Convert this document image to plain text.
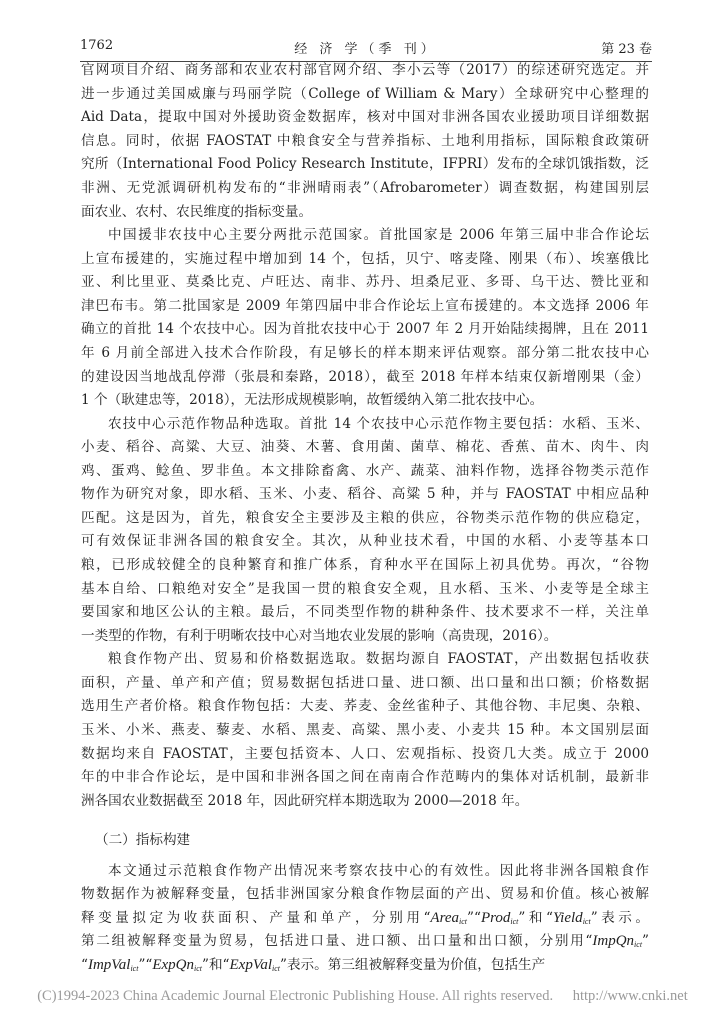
1762	经 济 学（季 刊）	第 23 卷
官网项目介绍、商务部和农业农村部官网介绍、李小云等（2017）的综述研究选定。并
进一步通过美国威廉与玛丽学院（College of William & Mary）全球研究中心整理的
Aid Data，提取中国对外援助资金数据库，核对中国对非洲各国农业援助项目详细数据
信息。同时，依据 FAOSTAT 中粮食安全与营养指标、土地利用指标，国际粮食政策研
究所（International Food Policy Research Institute，IFPRI）发布的全球饥饿指数，泛
非洲、无党派调研机构发布的“非洲晴雨表”（Afrobarometer）调查数据，构建国别层
面农业、农村、农民维度的指标变量。
中国援非农技中心主要分两批示范国家。首批国家是 2006 年第三届中非合作论坛
上宣布援建的，实施过程中增加到 14 个，包括，贝宁、喀麦隆、刚果（布）、埃塞俄比
亚、利比里亚、莫桑比克、卢旺达、南非、苏丹、坦桑尼亚、多哥、乌干达、赞比亚和
津巴布韦。第二批国家是 2009 年第四届中非合作论坛上宣布援建的。本文选择 2006 年
确立的首批 14 个农技中心。因为首批农技中心于 2007 年 2 月开始陆续揭牌，且在 2011
年 6 月前全部进入技术合作阶段，有足够长的样本期来评估观察。部分第二批农技中心
的建设因当地战乱停滞（张晨和秦路，2018），截至 2018 年样本结束仅新增刚果（金）
1 个（耿建忠等，2018），无法形成规模影响，故暂缓纳入第二批农技中心。
农技中心示范作物品种选取。首批 14 个农技中心示范作物主要包括：水稻、玉米、
小麦、稻谷、高粱、大豆、油葵、木薯、食用菌、菌草、棉花、香蕉、苗木、肉牛、肉
鸡、蛋鸡、鲶鱼、罗非鱼。本文排除畜禽、水产、蔬菜、油料作物，选择谷物类示范作
物作为研究对象，即水稻、玉米、小麦、稻谷、高粱 5 种，并与 FAOSTAT 中相应品种
匹配。这是因为，首先，粮食安全主要涉及主粮的供应，谷物类示范作物的供应稳定，
可有效保证非洲各国的粮食安全。其次，从种业技术看，中国的水稻、小麦等基本口
粮，已形成较健全的良种繁育和推广体系，育种水平在国际上初具优势。再次，“谷物
基本自给、口粮绝对安全”是我国一贯的粮食安全观，且水稻、玉米、小麦等是全球主
要国家和地区公认的主粮。最后，不同类型作物的耕种条件、技术要求不一样，关注单
一类型的作物，有利于明晰农技中心对当地农业发展的影响（高贵现，2016）。
粮食作物产出、贸易和价格数据选取。数据均源自 FAOSTAT，产出数据包括收获
面积，产量、单产和产值；贸易数据包括进口量、进口额、出口量和出口额；价格数据
选用生产者价格。粮食作物包括：大麦、荞麦、金丝雀种子、其他谷物、丰尼奥、杂粮、
玉米、小米、燕麦、藜麦、水稻、黑麦、高粱、黑小麦、小麦共 15 种。本文国别层面
数据均来自 FAOSTAT，主要包括资本、人口、宏观指标、投资几大类。成立于 2000
年的中非合作论坛，是中国和非洲各国之间在南南合作范畴内的集体对话机制，最新非
洲各国农业数据截至 2018 年，因此研究样本期选取为 2000—2018 年。
（二）指标构建
本文通过示范粮食作物产出情况来考察农技中心的有效性。因此将非洲各国粮食作
物数据作为被解释变量，包括非洲国家分粮食作物层面的产出、贸易和价值。核心被解
释变量拟定为收获面积、产量和单产，分别用“Area$_{ict}$”“Prod$_{ict}$”和“Yield$_{ict}$”表示。
第二组被解释变量为贸易，包括进口量、进口额、出口量和出口额，分别用“ImpQn$_{ict}$”
“ImpVal$_{ict}$”“ExpQn$_{ict}$”和“ExpVal$_{ict}$”表示。第三组被解释变量为价值，包括生产
(C)1994-2023 China Academic Journal Electronic Publishing House. All rights reserved. http://www.cnki.net
